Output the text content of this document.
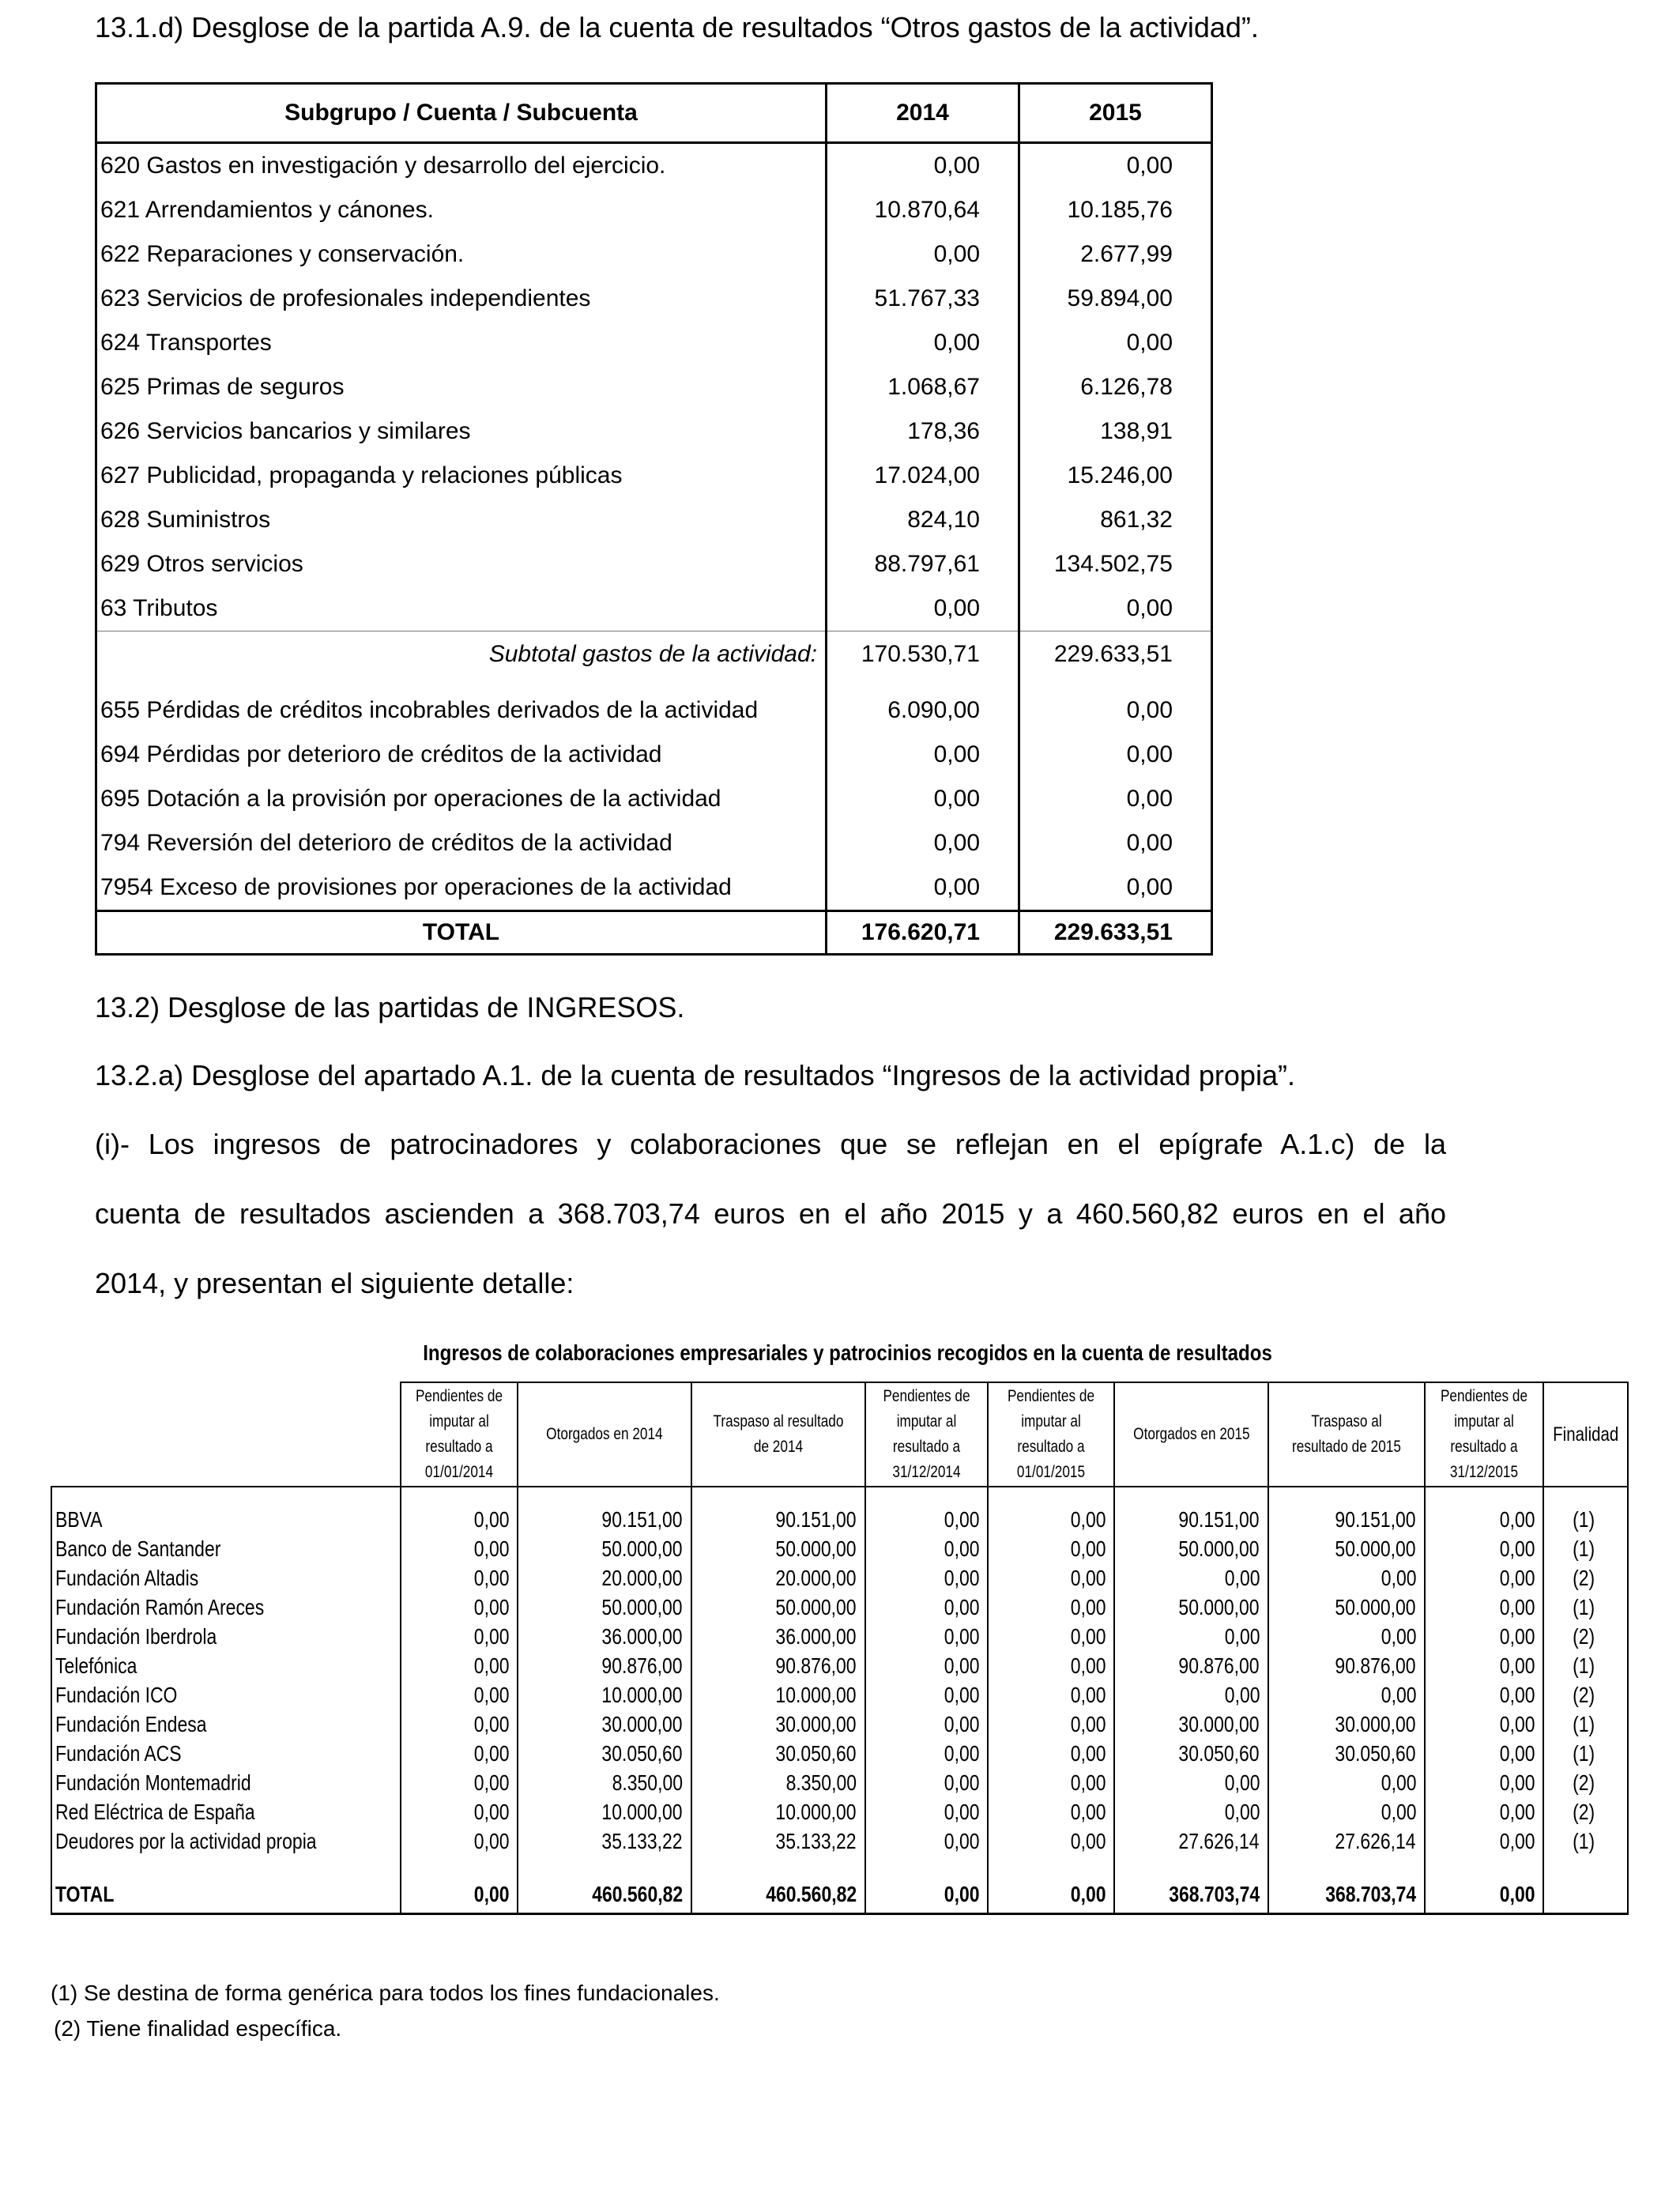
13.1.d) Desglose de la partida A.9. de la cuenta de resultados “Otros gastos de la actividad”.
Subgrupo / Cuenta / Subcuenta	2014	2015
620 Gastos en investigación y desarrollo del ejercicio.	0,00	0,00
621 Arrendamientos y cánones.	10.870,64	10.185,76
622 Reparaciones y conservación.	0,00	2.677,99
623 Servicios de profesionales independientes	51.767,33	59.894,00
624 Transportes	0,00	0,00
625 Primas de seguros	1.068,67	6.126,78
626 Servicios bancarios y similares	178,36	138,91
627 Publicidad, propaganda y relaciones públicas	17.024,00	15.246,00
628 Suministros	824,10	861,32
629 Otros servicios	88.797,61	134.502,75
63 Tributos	0,00	0,00
Subtotal gastos de la actividad:	170.530,71	229.633,51

655 Pérdidas de créditos incobrables derivados de la actividad	6.090,00	0,00
694 Pérdidas por deterioro de créditos de la actividad	0,00	0,00
695 Dotación a la provisión por operaciones de la actividad	0,00	0,00
794 Reversión del deterioro de créditos de la actividad	0,00	0,00
7954 Exceso de provisiones por operaciones de la actividad	0,00	0,00
TOTAL	176.620,71	229.633,51
13.2) Desglose de las partidas de INGRESOS.
13.2.a) Desglose del apartado A.1. de la cuenta de resultados “Ingresos de la actividad propia”.
(i)- Los ingresos de patrocinadores y colaboraciones que se reflejan en el epígrafe A.1.c) de la
cuenta de resultados ascienden a 368.703,74 euros en el año 2015 y a 460.560,82 euros en el año
2014, y presentan el siguiente detalle:
Ingresos de colaboraciones empresariales y patrocinios recogidos en la cuenta de resultados
	Pendientes de imputar al resultado a 01/01/2014	Otorgados en 2014	Traspaso al resultado de 2014	Pendientes de imputar al resultado a 31/12/2014	Pendientes de imputar al resultado a 01/01/2015	Otorgados en 2015	Traspaso al resultado de 2015	Pendientes de imputar al resultado a 31/12/2015	Finalidad

BBVA	0,00	90.151,00	90.151,00	0,00	0,00	90.151,00	90.151,00	0,00	(1)
Banco de Santander	0,00	50.000,00	50.000,00	0,00	0,00	50.000,00	50.000,00	0,00	(1)
Fundación Altadis	0,00	20.000,00	20.000,00	0,00	0,00	0,00	0,00	0,00	(2)
Fundación Ramón Areces	0,00	50.000,00	50.000,00	0,00	0,00	50.000,00	50.000,00	0,00	(1)
Fundación Iberdrola	0,00	36.000,00	36.000,00	0,00	0,00	0,00	0,00	0,00	(2)
Telefónica	0,00	90.876,00	90.876,00	0,00	0,00	90.876,00	90.876,00	0,00	(1)
Fundación ICO	0,00	10.000,00	10.000,00	0,00	0,00	0,00	0,00	0,00	(2)
Fundación Endesa	0,00	30.000,00	30.000,00	0,00	0,00	30.000,00	30.000,00	0,00	(1)
Fundación ACS	0,00	30.050,60	30.050,60	0,00	0,00	30.050,60	30.050,60	0,00	(1)
Fundación Montemadrid	0,00	8.350,00	8.350,00	0,00	0,00	0,00	0,00	0,00	(2)
Red Eléctrica de España	0,00	10.000,00	10.000,00	0,00	0,00	0,00	0,00	0,00	(2)
Deudores por la actividad propia	0,00	35.133,22	35.133,22	0,00	0,00	27.626,14	27.626,14	0,00	(1)

TOTAL	0,00	460.560,82	460.560,82	0,00	0,00	368.703,74	368.703,74	0,00	
(1) Se destina de forma genérica para todos los fines fundacionales.
(2) Tiene finalidad específica.
